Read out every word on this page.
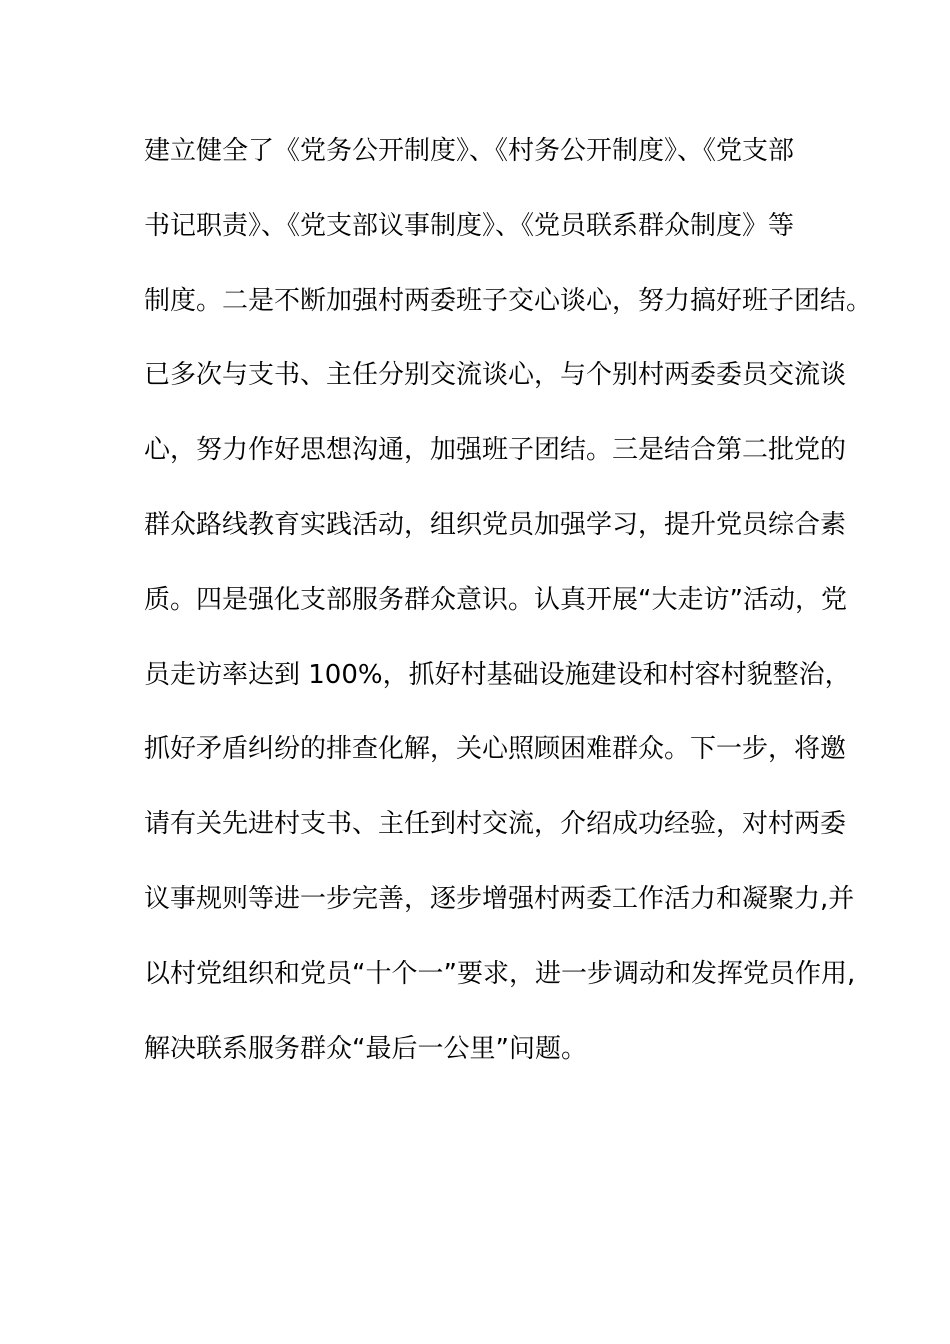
建立健全了《党务公开制度》、《村务公开制度》、《党支部
书记职责》、《党支部议事制度》、《党员联系群众制度》等
制度。二是不断加强村两委班子交心谈心，努力搞好班子团结。
已多次与支书、主任分别交流谈心，与个别村两委委员交流谈
心，努力作好思想沟通，加强班子团结。三是结合第二批党的
群众路线教育实践活动，组织党员加强学习，提升党员综合素
质。四是强化支部服务群众意识。认真开展“大走访”活动，党
员走访率达到 100%，抓好村基础设施建设和村容村貌整治，
抓好矛盾纠纷的排查化解，关心照顾困难群众。下一步，将邀
请有关先进村支书、主任到村交流，介绍成功经验，对村两委
议事规则等进一步完善，逐步增强村两委工作活力和凝聚力,并
以村党组织和党员“十个一”要求，进一步调动和发挥党员作用,
解决联系服务群众“最后一公里”问题。
